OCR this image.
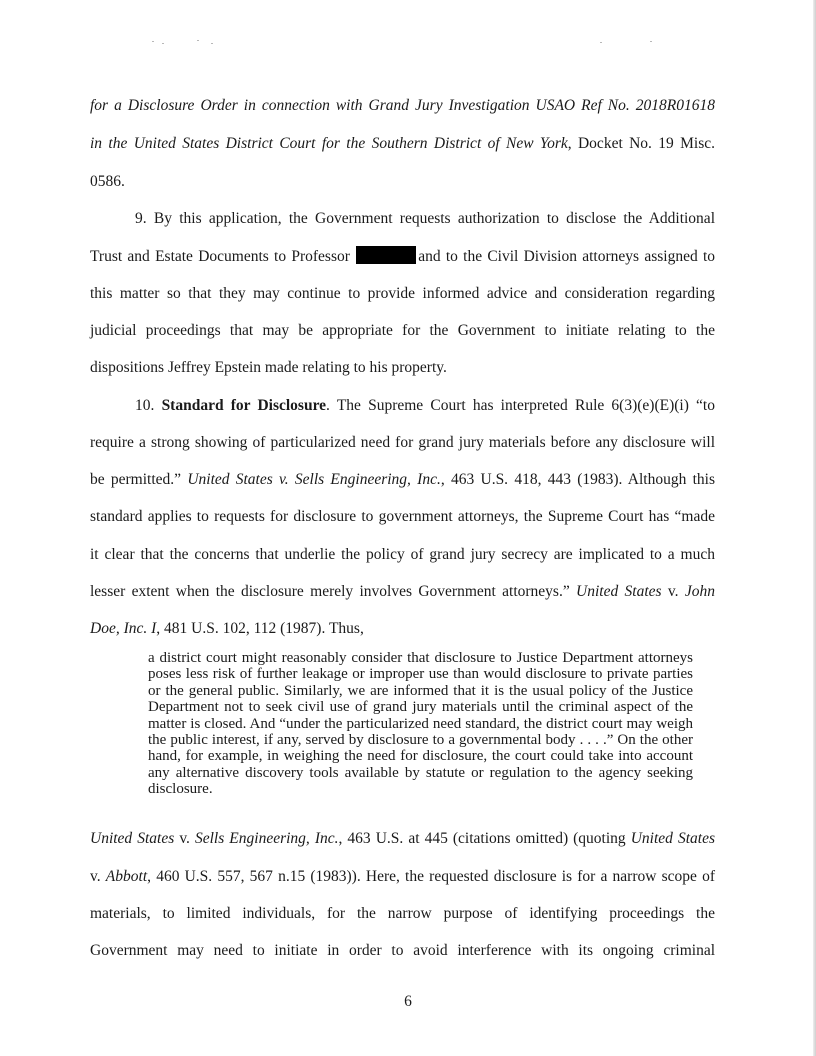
for a Disclosure Order in connection with Grand Jury Investigation USAO Ref No. 2018R01618
in the United States District Court for the Southern District of New York, Docket No. 19 Misc.
0586.
9. By this application, the Government requests authorization to disclose the Additional
Trust and Estate Documents to Professor	and to the Civil Division attorneys assigned to
this matter so that they may continue to provide informed advice and consideration regarding
judicial proceedings that may be appropriate for the Government to initiate relating to the
dispositions Jeffrey Epstein made relating to his property.
10. Standard for Disclosure. The Supreme Court has interpreted Rule 6(3)(e)(E)(i) “to
require a strong showing of particularized need for grand jury materials before any disclosure will
be permitted.” United States v. Sells Engineering, Inc., 463 U.S. 418, 443 (1983). Although this
standard applies to requests for disclosure to government attorneys, the Supreme Court has “made
it clear that the concerns that underlie the policy of grand jury secrecy are implicated to a much
lesser extent when the disclosure merely involves Government attorneys.” United States v. John
Doe, Inc. I, 481 U.S. 102, 112 (1987). Thus,
a district court might reasonably consider that disclosure to Justice Department attorneys poses less risk of further leakage or improper use than would disclosure to private parties or the general public. Similarly, we are informed that it is the usual policy of the Justice Department not to seek civil use of grand jury materials until the criminal aspect of the matter is closed. And “under the particularized need standard, the district court may weigh the public interest, if any, served by disclosure to a governmental body . . . .” On the other hand, for example, in weighing the need for disclosure, the court could take into account any alternative discovery tools available by statute or regulation to the agency seeking disclosure.
United States v. Sells Engineering, Inc., 463 U.S. at 445 (citations omitted) (quoting United States
v. Abbott, 460 U.S. 557, 567 n.15 (1983)). Here, the requested disclosure is for a narrow scope of
materials, to limited individuals, for the narrow purpose of identifying proceedings the
Government may need to initiate in order to avoid interference with its ongoing criminal
6
